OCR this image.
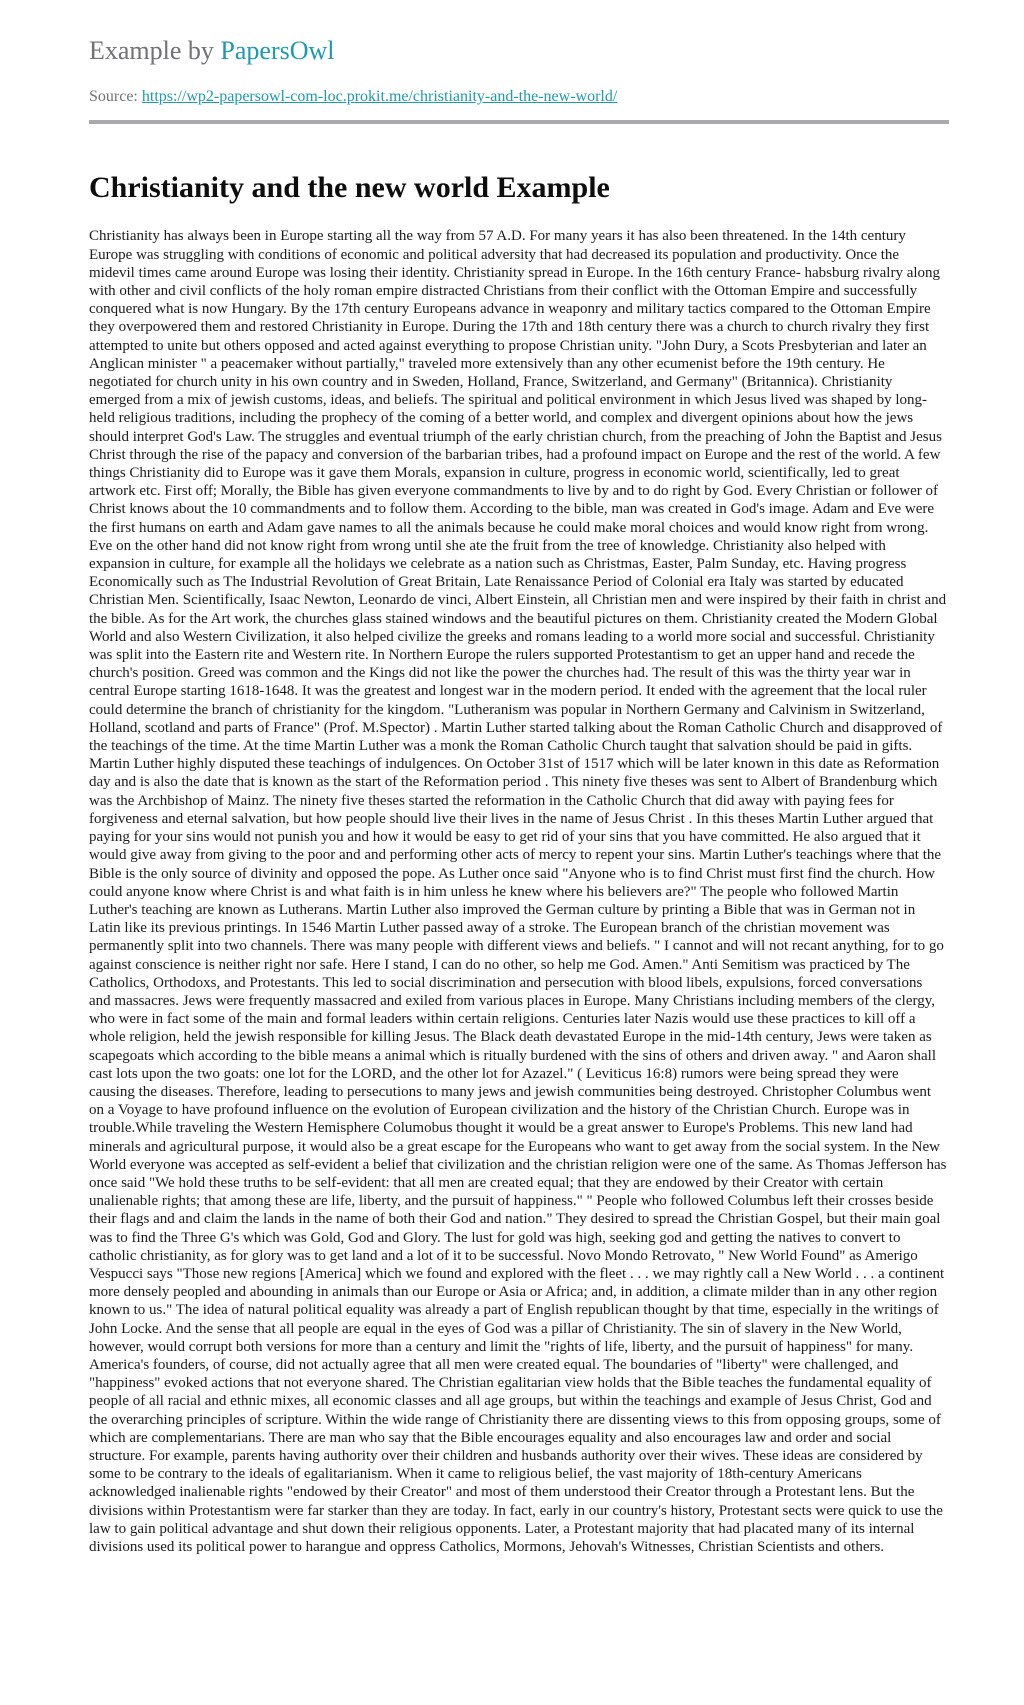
Example by PapersOwl

Source: https://wp2-papersowl-com-loc.prokit.me/christianity-and-the-new-world/

Christianity and the new world Example

Christianity has always been in Europe starting all the way from 57 A.D. For many years it has also been threatened. In the 14th century Europe was struggling with conditions of economic and political adversity that had decreased its population and productivity. Once the midevil times came around Europe was losing their identity. Christianity spread in Europe. In the 16th century France- habsburg rivalry along with other and civil conflicts of the holy roman empire distracted Christians from their conflict with the Ottoman Empire and successfully conquered what is now Hungary. By the 17th century Europeans advance in weaponry and military tactics compared to the Ottoman Empire they overpowered them and restored Christianity in Europe. During the 17th and 18th century there was a church to church rivalry they first attempted to unite but others opposed and acted against everything to propose Christian unity. "John Dury, a Scots Presbyterian and later an Anglican minister " a peacemaker without partially," traveled more extensively than any other ecumenist before the 19th century. He negotiated for church unity in his own country and in Sweden, Holland, France, Switzerland, and Germany" (Britannica). Christianity emerged from a mix of jewish customs, ideas, and beliefs. The spiritual and political environment in which Jesus lived was shaped by long-held religious traditions, including the prophecy of the coming of a better world, and complex and divergent opinions about how the jews should interpret God's Law. The struggles and eventual triumph of the early christian church, from the preaching of John the Baptist and Jesus Christ through the rise of the papacy and conversion of the barbarian tribes, had a profound impact on Europe and the rest of the world. A few things Christianity did to Europe was it gave them Morals, expansion in culture, progress in economic world, scientifically, led to great artwork etc. First off; Morally, the Bible has given everyone commandments to live by and to do right by God. Every Christian or follower of Christ knows about the 10 commandments and to follow them. According to the bible, man was created in God's image. Adam and Eve were the first humans on earth and Adam gave names to all the animals because he could make moral choices and would know right from wrong. Eve on the other hand did not know right from wrong until she ate the fruit from the tree of knowledge. Christianity also helped with expansion in culture, for example all the holidays we celebrate as a nation such as Christmas, Easter, Palm Sunday, etc. Having progress Economically such as The Industrial Revolution of Great Britain, Late Renaissance Period of Colonial era Italy was started by educated Christian Men. Scientifically, Isaac Newton, Leonardo de vinci, Albert Einstein, all Christian men and were inspired by their faith in christ and the bible. As for the Art work, the churches glass stained windows and the beautiful pictures on them. Christianity created the Modern Global World and also Western Civilization, it also helped civilize the greeks and romans leading to a world more social and successful. Christianity was split into the Eastern rite and Western rite. In Northern Europe the rulers supported Protestantism to get an upper hand and recede the church's position. Greed was common and the Kings did not like the power the churches had. The result of this was the thirty year war in central Europe starting 1618-1648. It was the greatest and longest war in the modern period. It ended with the agreement that the local ruler could determine the branch of christianity for the kingdom. "Lutheranism was popular in Northern Germany and Calvinism in Switzerland, Holland, scotland and parts of France" (Prof. M.Spector) . Martin Luther started talking about the Roman Catholic Church and disapproved of the teachings of the time. At the time Martin Luther was a monk the Roman Catholic Church taught that salvation should be paid in gifts. Martin Luther highly disputed these teachings of indulgences. On October 31st of 1517 which will be later known in this date as Reformation day and is also the date that is known as the start of the Reformation period . This ninety five theses was sent to Albert of Brandenburg which was the Archbishop of Mainz. The ninety five theses started the reformation in the Catholic Church that did away with paying fees for forgiveness and eternal salvation, but how people should live their lives in the name of Jesus Christ . In this theses Martin Luther argued that paying for your sins would not punish you and how it would be easy to get rid of your sins that you have committed. He also argued that it would give away from giving to the poor and and performing other acts of mercy to repent your sins. Martin Luther's teachings where that the Bible is the only source of divinity and opposed the pope. As Luther once said "Anyone who is to find Christ must first find the church. How could anyone know where Christ is and what faith is in him unless he knew where his believers are?" The people who followed Martin Luther's teaching are known as Lutherans. Martin Luther also improved the German culture by printing a Bible that was in German not in Latin like its previous printings. In 1546 Martin Luther passed away of a stroke. The European branch of the christian movement was permanently split into two channels. There was many people with different views and beliefs. " I cannot and will not recant anything, for to go against conscience is neither right nor safe. Here I stand, I can do no other, so help me God. Amen." Anti Semitism was practiced by The Catholics, Orthodoxs, and Protestants. This led to social discrimination and persecution with blood libels, expulsions, forced conversations and massacres. Jews were frequently massacred and exiled from various places in Europe. Many Christians including members of the clergy, who were in fact some of the main and formal leaders within certain religions. Centuries later Nazis would use these practices to kill off a whole religion, held the jewish responsible for killing Jesus. The Black death devastated Europe in the mid-14th century, Jews were taken as scapegoats which according to the bible means a animal which is ritually burdened with the sins of others and driven away. " and Aaron shall cast lots upon the two goats: one lot for the LORD, and the other lot for Azazel." ( Leviticus 16:8) rumors were being spread they were causing the diseases. Therefore, leading to persecutions to many jews and jewish communities being destroyed. Christopher Columbus went on a Voyage to have profound influence on the evolution of European civilization and the history of the Christian Church. Europe was in trouble.While traveling the Western Hemisphere Columobus thought it would be a great answer to Europe's Problems. This new land had minerals and agricultural purpose, it would also be a great escape for the Europeans who want to get away from the social system. In the New World everyone was accepted as self-evident a belief that civilization and the christian religion were one of the same. As Thomas Jefferson has once said "We hold these truths to be self-evident: that all men are created equal; that they are endowed by their Creator with certain unalienable rights; that among these are life, liberty, and the pursuit of happiness." " People who followed Columbus left their crosses beside their flags and and claim the lands in the name of both their God and nation." They desired to spread the Christian Gospel, but their main goal was to find the Three G's which was Gold, God and Glory. The lust for gold was high, seeking god and getting the natives to convert to catholic christianity, as for glory was to get land and a lot of it to be successful. Novo Mondo Retrovato, " New World Found" as Amerigo Vespucci says "Those new regions [America] which we found and explored with the fleet . . . we may rightly call a New World . . . a continent more densely peopled and abounding in animals than our Europe or Asia or Africa; and, in addition, a climate milder than in any other region known to us." The idea of natural political equality was already a part of English republican thought by that time, especially in the writings of John Locke. And the sense that all people are equal in the eyes of God was a pillar of Christianity. The sin of slavery in the New World, however, would corrupt both versions for more than a century and limit the "rights of life, liberty, and the pursuit of happiness" for many. America's founders, of course, did not actually agree that all men were created equal. The boundaries of "liberty" were challenged, and "happiness" evoked actions that not everyone shared. The Christian egalitarian view holds that the Bible teaches the fundamental equality of people of all racial and ethnic mixes, all economic classes and all age groups, but within the teachings and example of Jesus Christ, God and the overarching principles of scripture. Within the wide range of Christianity there are dissenting views to this from opposing groups, some of which are complementarians. There are man who say that the Bible encourages equality and also encourages law and order and social structure. For example, parents having authority over their children and husbands authority over their wives. These ideas are considered by some to be contrary to the ideals of egalitarianism. When it came to religious belief, the vast majority of 18th-century Americans acknowledged inalienable rights "endowed by their Creator" and most of them understood their Creator through a Protestant lens. But the divisions within Protestantism were far starker than they are today. In fact, early in our country's history, Protestant sects were quick to use the law to gain political advantage and shut down their religious opponents. Later, a Protestant majority that had placated many of its internal divisions used its political power to harangue and oppress Catholics, Mormons, Jehovah's Witnesses, Christian Scientists and others.
